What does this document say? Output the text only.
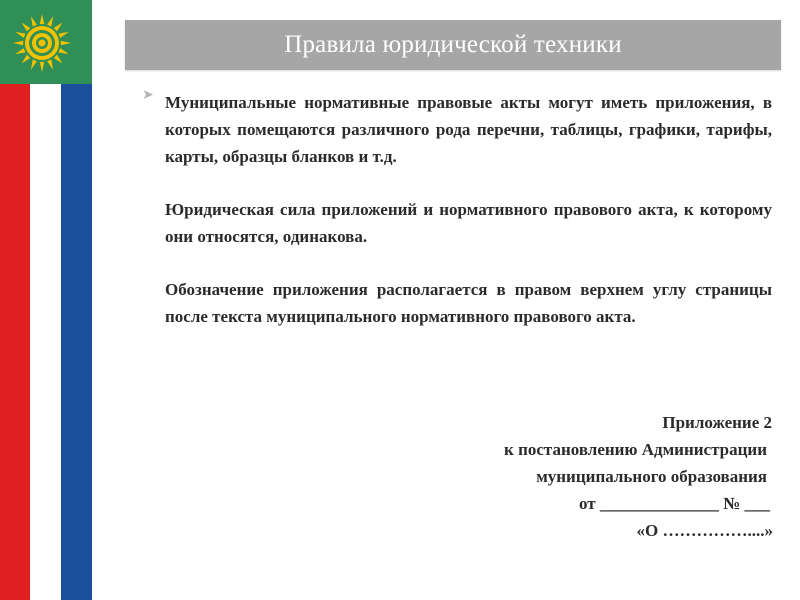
Правила юридической техники
➤ Муниципальные нормативные правовые акты могут иметь приложения, в которых помещаются различного рода перечни, таблицы, графики, тарифы, карты, образцы бланков и т.д.

Юридическая сила приложений и нормативного правового акта, к которому они относятся, одинакова.

Обозначение приложения располагается в правом верхнем углу страницы после текста муниципального нормативного правового акта.

Приложение 2
к постановлению Администрации
муниципального образования
от ______________ № ___
«О ……………....»
